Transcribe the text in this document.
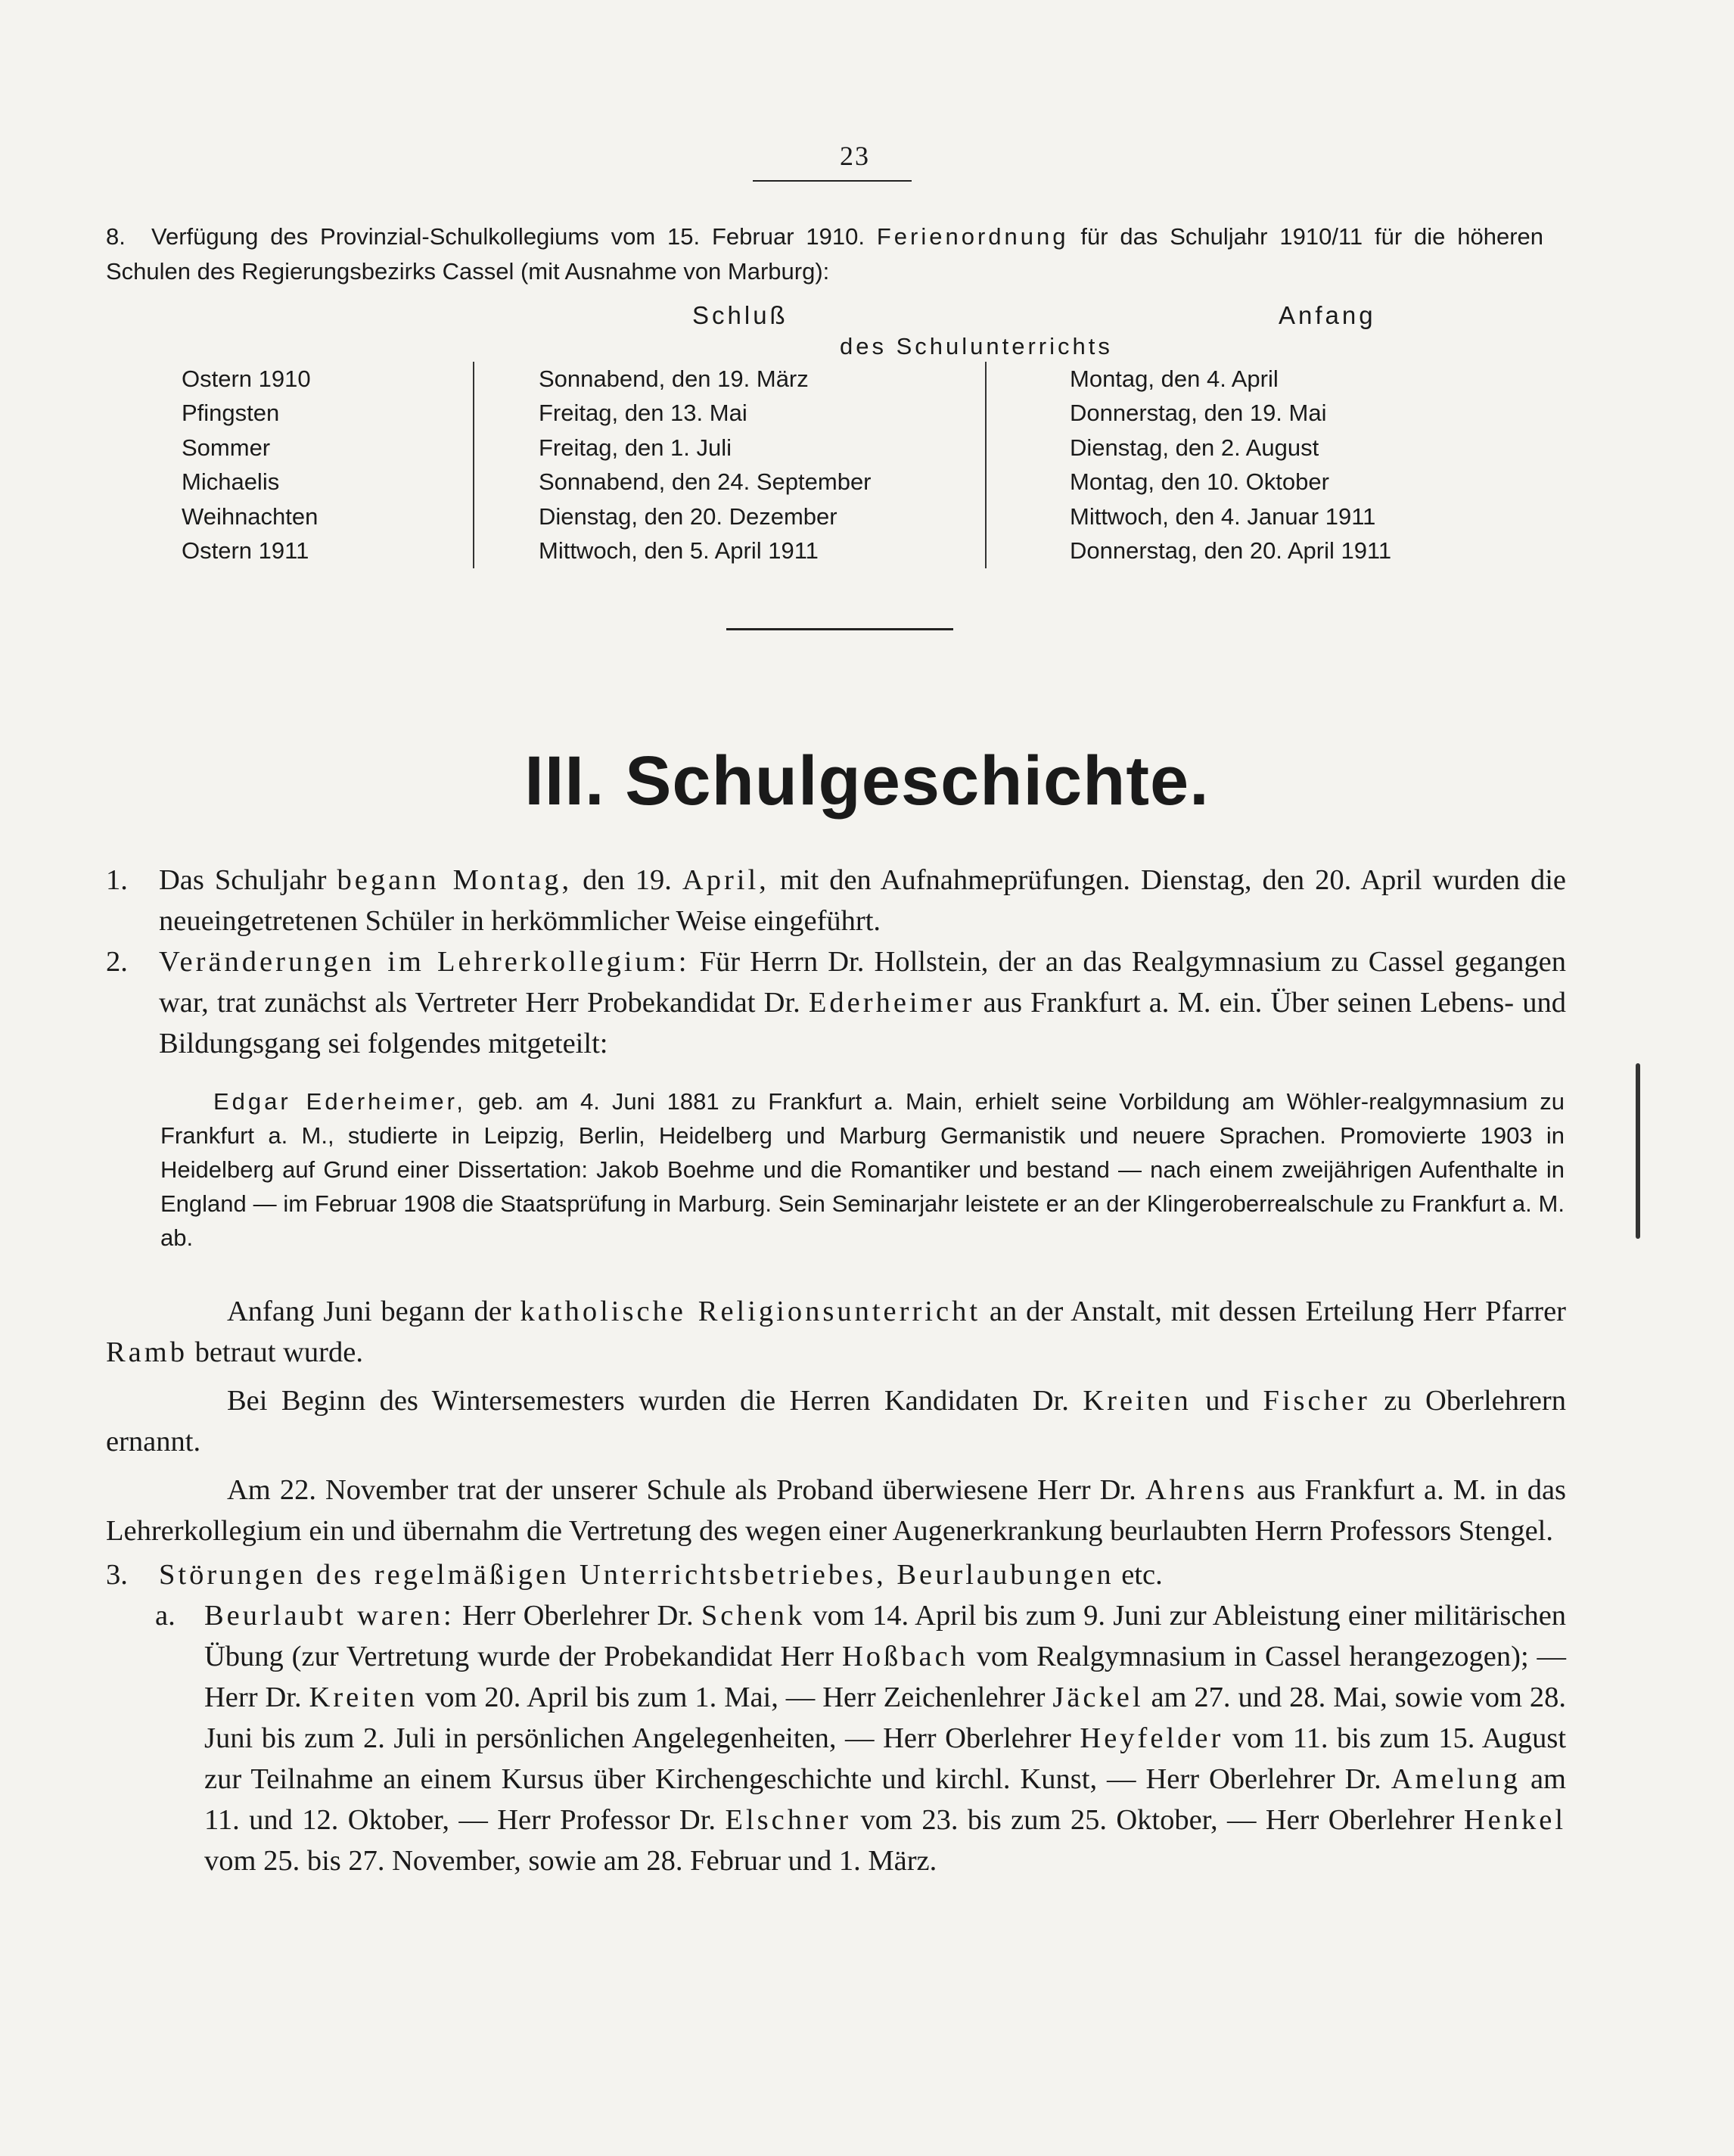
23
8. Verfügung des Provinzial-Schulkollegiums vom 15. Februar 1910. Ferienordnung für das Schuljahr 1910/11 für die höheren Schulen des Regierungsbezirks Cassel (mit Ausnahme von Marburg):
Schluß	Anfang
des Schulunterrichts
Ostern 1910	Sonnabend, den 19. März	Montag, den 4. April
Pfingsten	Freitag, den 13. Mai	Donnerstag, den 19. Mai
Sommer	Freitag, den 1. Juli	Dienstag, den 2. August
Michaelis	Sonnabend, den 24. September	Montag, den 10. Oktober
Weihnachten	Dienstag, den 20. Dezember	Mittwoch, den 4. Januar 1911
Ostern 1911	Mittwoch, den 5. April 1911	Donnerstag, den 20. April 1911
III. Schulgeschichte.

1. Das Schuljahr begann Montag, den 19. April, mit den Aufnahmeprüfungen. Dienstag, den 20. April wurden die neueingetretenen Schüler in herkömmlicher Weise eingeführt.

2. Veränderungen im Lehrerkollegium: Für Herrn Dr. Hollstein, der an das Realgymnasium zu Cassel gegangen war, trat zunächst als Vertreter Herr Probekandidat Dr. Ederheimer aus Frankfurt a. M. ein. Über seinen Lebens- und Bildungsgang sei folgendes mitgeteilt:

Edgar Ederheimer, geb. am 4. Juni 1881 zu Frankfurt a. Main, erhielt seine Vorbildung am Wöhler-realgymnasium zu Frankfurt a. M., studierte in Leipzig, Berlin, Heidelberg und Marburg Germanistik und neuere Sprachen. Promovierte 1903 in Heidelberg auf Grund einer Dissertation: Jakob Boehme und die Romantiker und bestand — nach einem zweijährigen Aufenthalte in England — im Februar 1908 die Staatsprüfung in Marburg. Sein Seminarjahr leistete er an der Klingeroberrealschule zu Frankfurt a. M. ab.

Anfang Juni begann der katholische Religionsunterricht an der Anstalt, mit dessen Erteilung Herr Pfarrer Ramb betraut wurde.

Bei Beginn des Wintersemesters wurden die Herren Kandidaten Dr. Kreiten und Fischer zu Oberlehrern ernannt.

Am 22. November trat der unserer Schule als Proband überwiesene Herr Dr. Ahrens aus Frankfurt a. M. in das Lehrerkollegium ein und übernahm die Vertretung des wegen einer Augenerkrankung beurlaubten Herrn Professors Stengel.

3. Störungen des regelmäßigen Unterrichtsbetriebes, Beurlaubungen etc.

a. Beurlaubt waren: Herr Oberlehrer Dr. Schenk vom 14. April bis zum 9. Juni zur Ableistung einer militärischen Übung (zur Vertretung wurde der Probekandidat Herr Hoßbach vom Realgymnasium in Cassel herangezogen); — Herr Dr. Kreiten vom 20. April bis zum 1. Mai, — Herr Zeichenlehrer Jäckel am 27. und 28. Mai, sowie vom 28. Juni bis zum 2. Juli in persönlichen Angelegenheiten, — Herr Oberlehrer Heyfelder vom 11. bis zum 15. August zur Teilnahme an einem Kursus über Kirchengeschichte und kirchl. Kunst, — Herr Oberlehrer Dr. Amelung am 11. und 12. Oktober, — Herr Professor Dr. Elschner vom 23. bis zum 25. Oktober, — Herr Oberlehrer Henkel vom 25. bis 27. November, sowie am 28. Februar und 1. März.
